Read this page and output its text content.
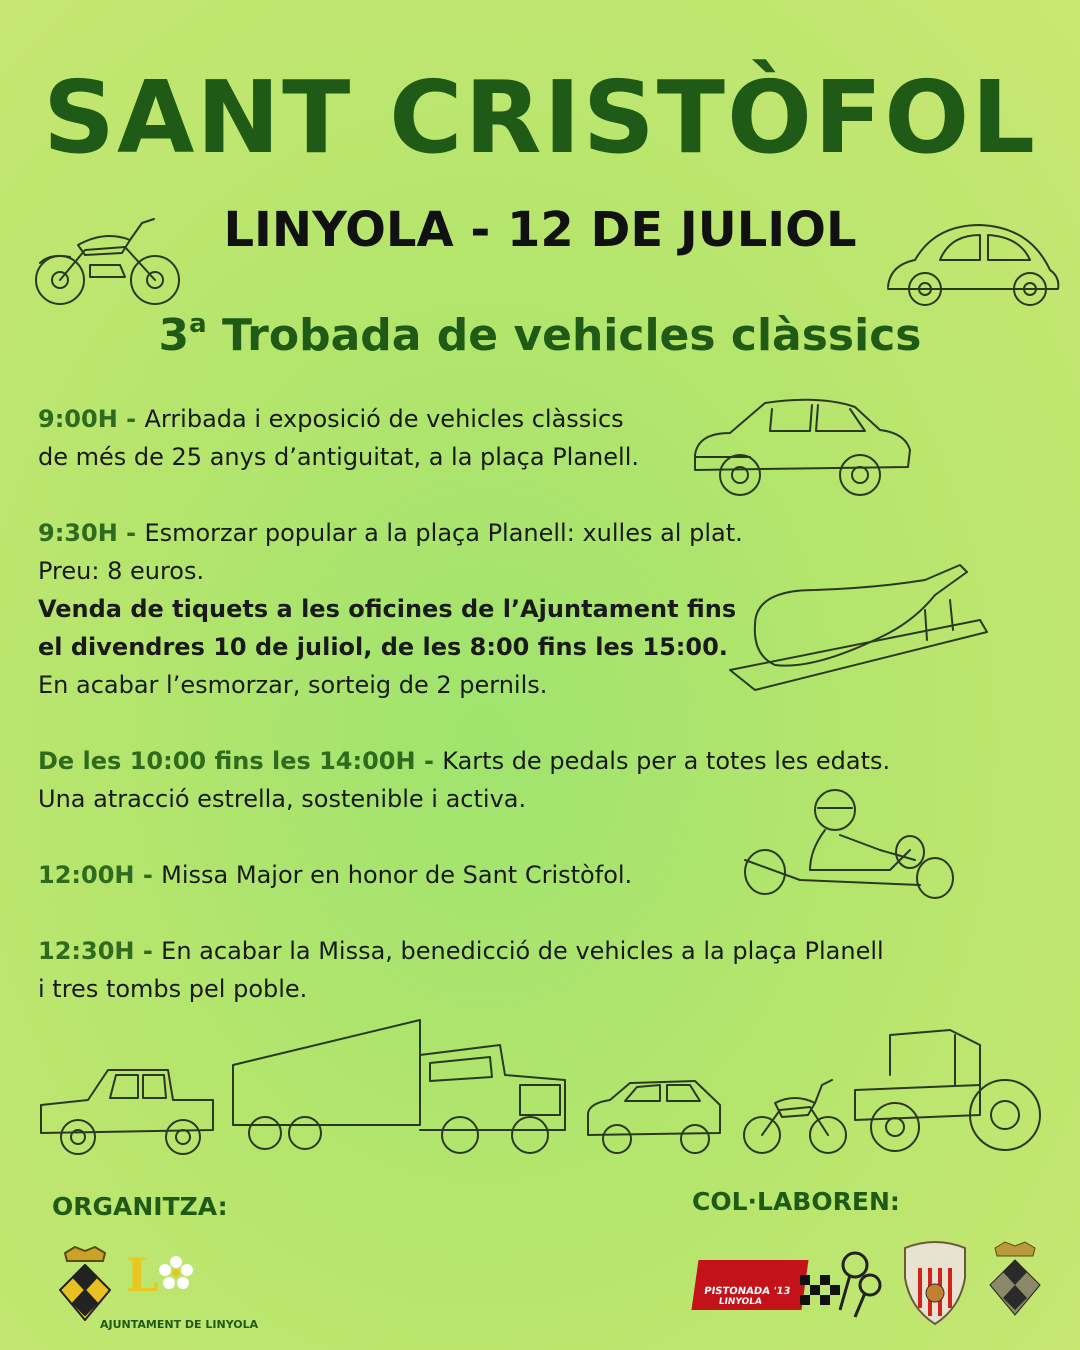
SANT CRISTÒFOL
LINYOLA - 12 DE JULIOL
3$^a$ Trobada de vehicles clàssics
9:00H - Arribada i exposició de vehicles clàssics
de més de 25 anys d’antiguitat, a la plaça Planell.
9:30H - Esmorzar popular a la plaça Planell: xulles al plat.
Preu: 8 euros.
Venda de tiquets a les oficines de l’Ajuntament fins
el divendres 10 de juliol, de les 8:00 fins les 15:00.
En acabar l’esmorzar, sorteig de 2 pernils.
De les 10:00 fins les 14:00H - Karts de pedals per a totes les edats.
Una atracció estrella, sostenible i activa.
12:00H - Missa Major en honor de Sant Cristòfol.
12:30H - En acabar la Missa, benedicció de vehicles a la plaça Planell
i tres tombs pel poble.
ORGANITZA:	COL·LABOREN:
L
AJUNTAMENT DE LINYOLA
PISTONADA '13
LINYOLA
